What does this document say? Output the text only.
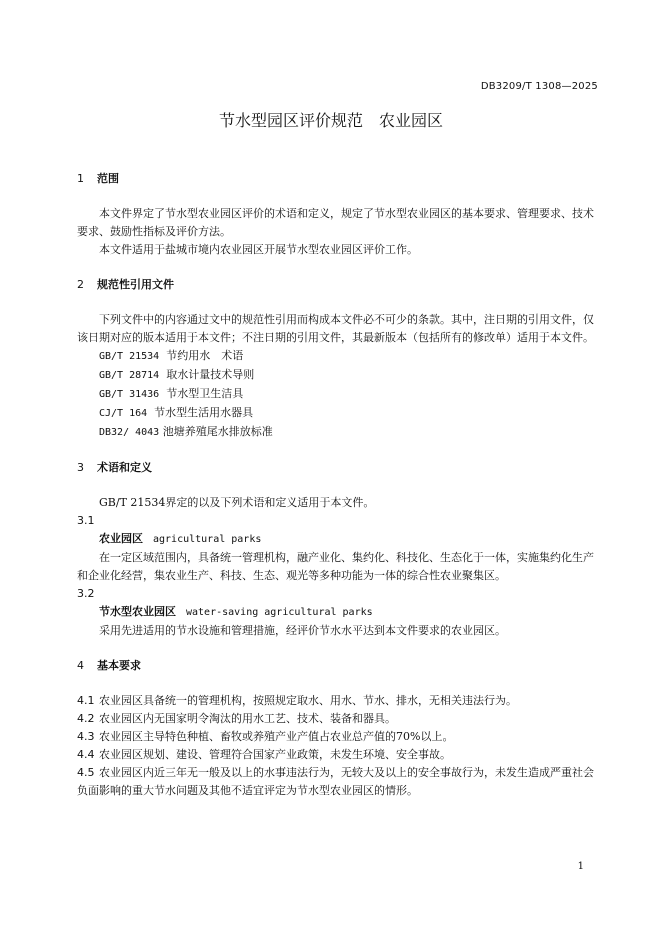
DB3209/T 1308—2025
节水型园区评价规范　农业园区
1 范围

本文件界定了节水型农业园区评价的术语和定义，规定了节水型农业园区的基本要求、管理要求、技术要求、鼓励性指标及评价方法。

本文件适用于盐城市境内农业园区开展节水型农业园区评价工作。

2 规范性引用文件

下列文件中的内容通过文中的规范性引用而构成本文件必不可少的条款。其中，注日期的引用文件，仅该日期对应的版本适用于本文件；不注日期的引用文件，其最新版本（包括所有的修改单）适用于本文件。

GB/T 21534 节约用水　术语
GB/T 28714 取水计量技术导则
GB/T 31436 节水型卫生洁具
CJ/T 164 节水型生活用水器具
DB32/ 4043 池塘养殖尾水排放标准
3 术语和定义

GB/T 21534界定的以及下列术语和定义适用于本文件。

3.1
农业园区 agricultural parks

在一定区域范围内，具备统一管理机构，融产业化、集约化、科技化、生态化于一体，实施集约化生产和企业化经营，集农业生产、科技、生态、观光等多种功能为一体的综合性农业聚集区。

3.2
节水型农业园区 water-saving agricultural parks

采用先进适用的节水设施和管理措施，经评价节水水平达到本文件要求的农业园区。

4 基本要求

4.1 农业园区具备统一的管理机构，按照规定取水、用水、节水、排水，无相关违法行为。

4.2 农业园区内无国家明令淘汰的用水工艺、技术、装备和器具。

4.3 农业园区主导特色种植、畜牧或养殖产业产值占农业总产值的70%以上。

4.4 农业园区规划、建设、管理符合国家产业政策，未发生环境、安全事故。

4.5 农业园区内近三年无一般及以上的水事违法行为，无较大及以上的安全事故行为，未发生造成严重社会负面影响的重大节水问题及其他不适宜评定为节水型农业园区的情形。

1
